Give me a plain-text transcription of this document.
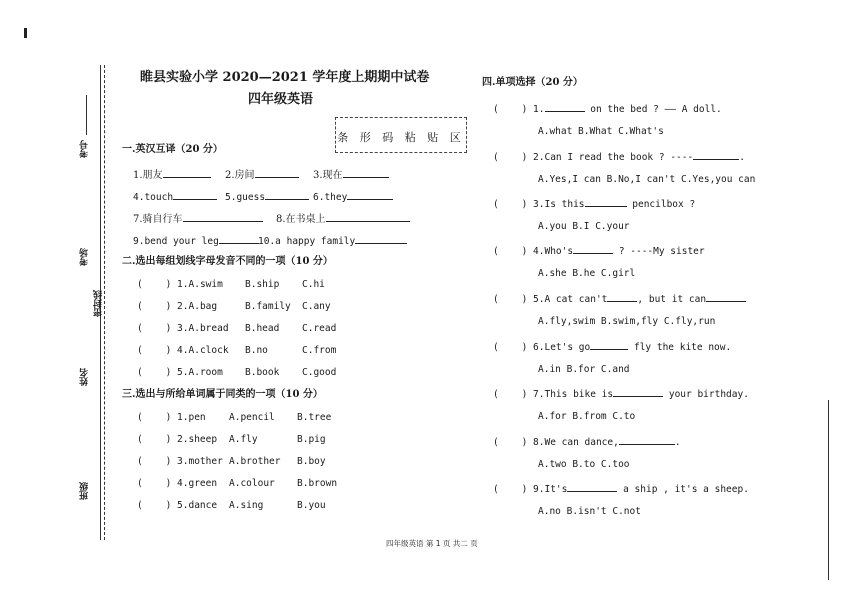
考号
考场
密封线
姓名
班级
睢县实验小学 2020—2021 学年度上期期中试卷
四年级英语
条 形 码 粘 贴 区
一.英汉互译（20 分）
1.朋友	2.房间	3.现在
4.touch	5.guess	6.they
7.骑自行车	8.在书桌上
9.bend your leg	10.a happy family
二.选出每组划线字母发音不同的一项（10 分）
(    ) 1.A.swim B.ship C.hi
(    ) 2.A.bag	B.family C.any
(    ) 3.A.bread B.head C.read
(    ) 4.A.clock B.no	C.from
(    ) 5.A.room B.book C.good
三.选出与所给单词属于同类的一项（10 分）
(    ) 1.pen A.pencil B.tree
(    ) 2.sheep A.fly	B.pig
(    ) 3.mother A.brother B.boy
(    ) 4.green A.colour B.brown
(    ) 5.dance A.sing	B.you
四.单项选择（20 分）
(    ) 1.	on the bed ? —— A doll.
A.what B.What C.What's
(    ) 2.Can I read the book ? ----	.
A.Yes,I can B.No,I can't C.Yes,you can
(    ) 3.Is this	pencilbox ?
A.you B.I C.your
(    ) 4.Who's	? ----My sister
A.she B.he C.girl
(    ) 5.A cat can't	, but it can
A.fly,swim B.swim,fly C.fly,run
(    ) 6.Let's go	fly the kite now.
A.in B.for C.and
(    ) 7.This bike is	your birthday.
A.for B.from C.to
(    ) 8.We can dance,	.
A.two B.to C.too
(    ) 9.It's	a ship , it's a sheep.
A.no B.isn't C.not
四年级英语 第 1 页 共二 页
